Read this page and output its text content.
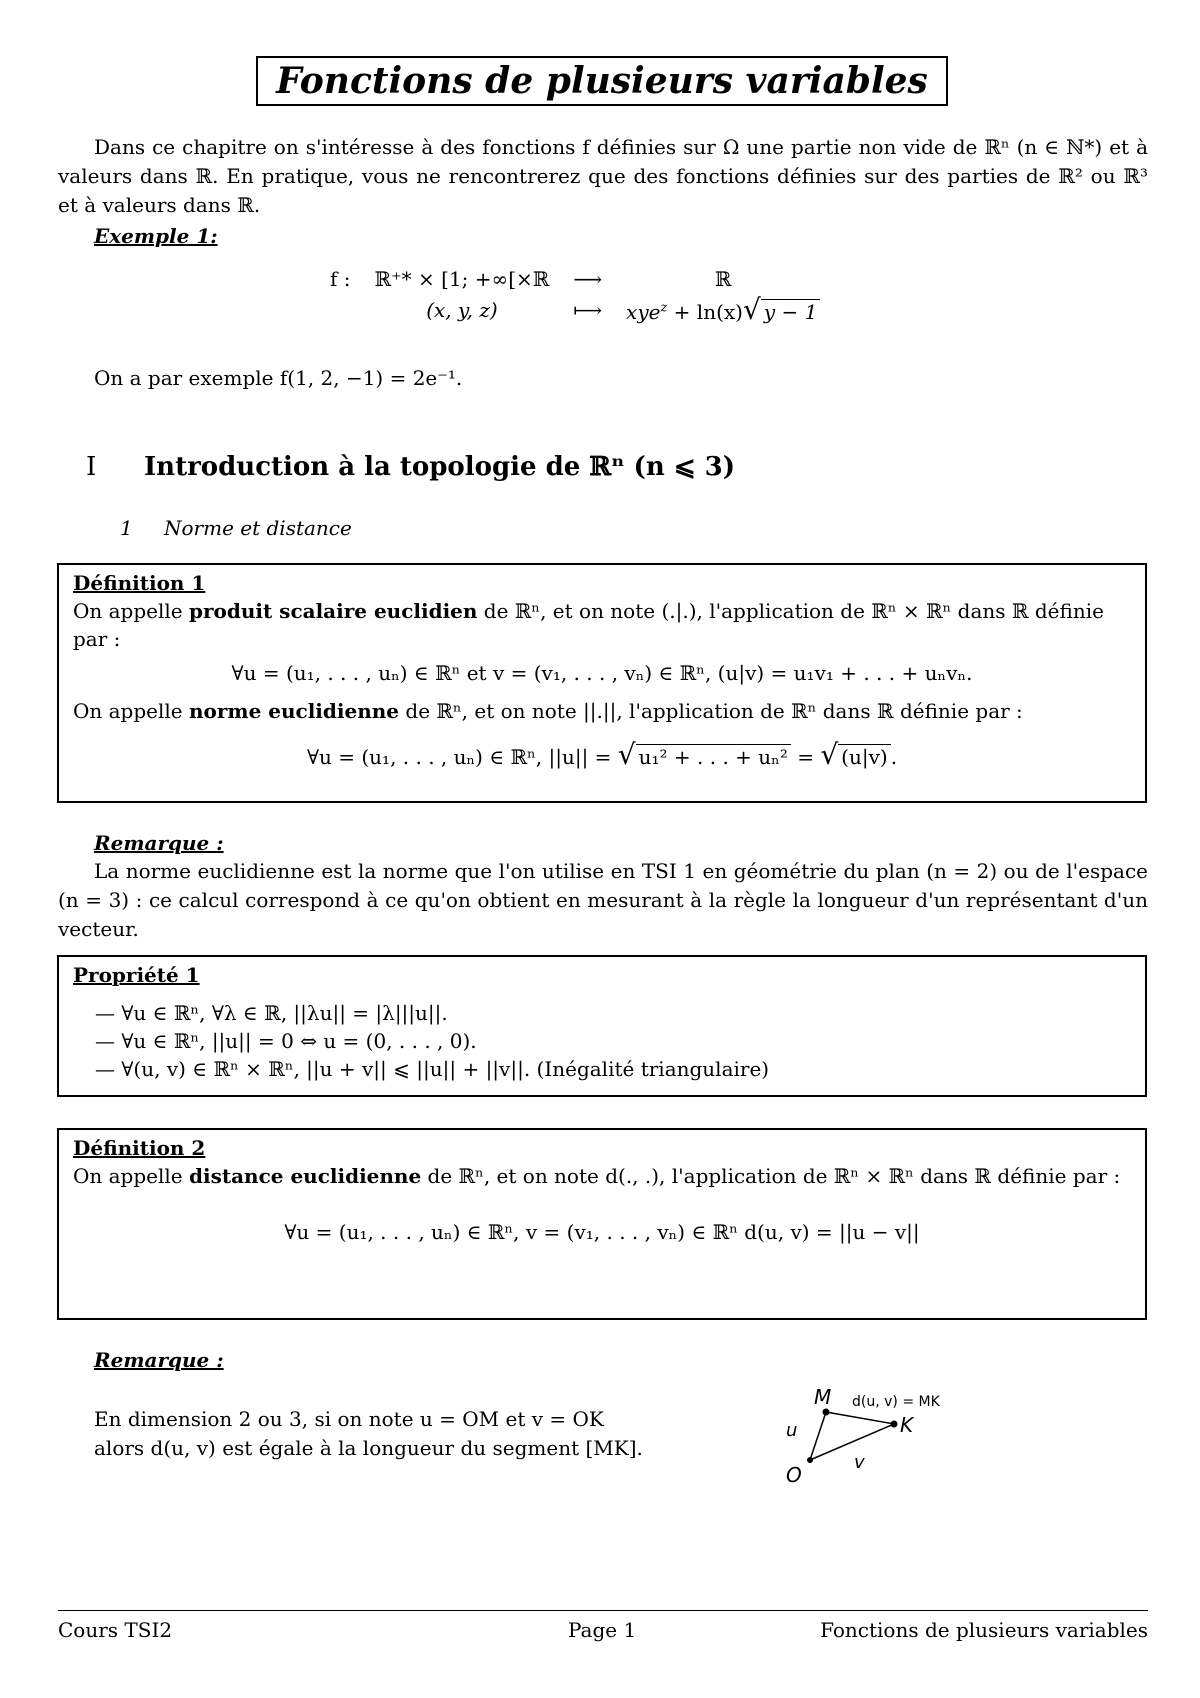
Fonctions de plusieurs variables
Dans ce chapitre on s'intéresse à des fonctions f définies sur Ω une partie non vide de ℝⁿ (n ∈ ℕ*) et à valeurs dans ℝ. En pratique, vous ne rencontrerez que des fonctions définies sur des parties de ℝ² ou ℝ³ et à valeurs dans ℝ.
Exemple 1:
f :	ℝ⁺* × [1; +∞[×ℝ	⟶	ℝ
	(x, y, z)	⟼	xye$^z$ + ln(x)√ y − 1
On a par exemple f(1, 2, −1) = 2e⁻¹.
I Introduction à la topologie de ℝⁿ (n ⩽ 3)
1 Norme et distance
Définition 1

On appelle produit scalaire euclidien de ℝⁿ, et on note (.|.), l'application de ℝⁿ × ℝⁿ dans ℝ définie par :

∀u = (u₁, . . . , uₙ) ∈ ℝⁿ et v = (v₁, . . . , vₙ) ∈ ℝⁿ, (u|v) = u₁v₁ + . . . + uₙvₙ.

On appelle norme euclidienne de ℝⁿ, et on note ||.||, l'application de ℝⁿ dans ℝ définie par :

∀u = (u₁, . . . , uₙ) ∈ ℝⁿ, ||u|| = √ u₁² + . . . + uₙ² = √ (u|v) .

Remarque :
La norme euclidienne est la norme que l'on utilise en TSI 1 en géométrie du plan (n = 2) ou de l'espace (n = 3) : ce calcul correspond à ce qu'on obtient en mesurant à la règle la longueur d'un représentant d'un vecteur.
Propriété 1

— ∀u ∈ ℝⁿ, ∀λ ∈ ℝ, ||λu|| = |λ|||u||.

— ∀u ∈ ℝⁿ, ||u|| = 0 ⇔ u = (0, . . . , 0).

— ∀(u, v) ∈ ℝⁿ × ℝⁿ, ||u + v|| ⩽ ||u|| + ||v||. (Inégalité triangulaire)

Définition 2

On appelle distance euclidienne de ℝⁿ, et on note d(., .), l'application de ℝⁿ × ℝⁿ dans ℝ définie par :

∀u = (u₁, . . . , uₙ) ∈ ℝⁿ, v = (v₁, . . . , vₙ) ∈ ℝⁿ d(u, v) = ||u − v||

Remarque :
En dimension 2 ou 3, si on note u = OM et v = OK
alors d(u, v) est égale à la longueur du segment [MK].
M
K
O
u
v
d(u, v) = MK
Cours TSI2	Page 1	Fonctions de plusieurs variables
